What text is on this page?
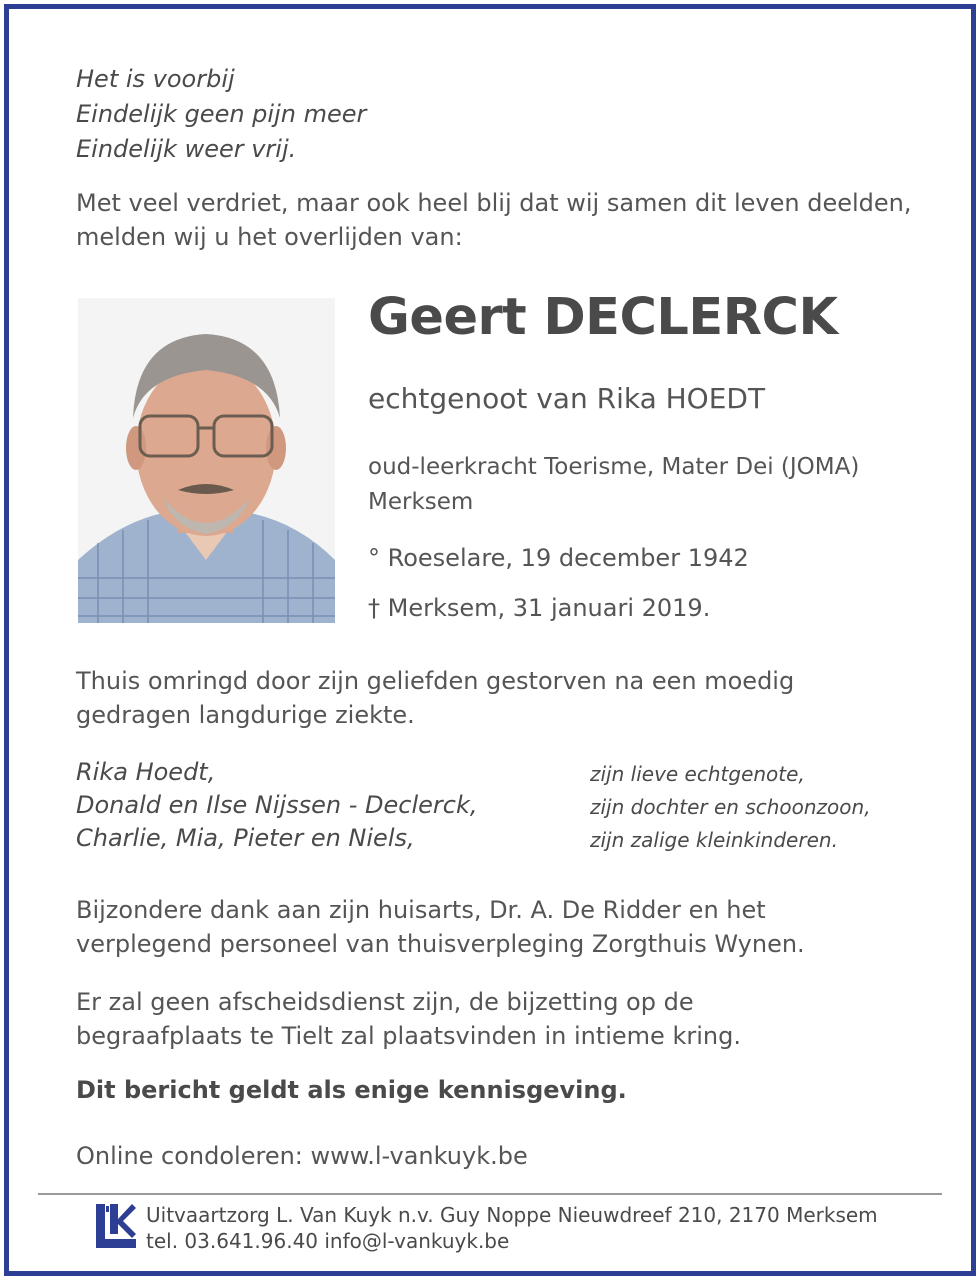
Het is voorbij
Eindelijk geen pijn meer
Eindelijk weer vrij.
Met veel verdriet, maar ook heel blij dat wij samen dit leven deelden,
melden wij u het overlijden van:
Geert DECLERCK
echtgenoot van Rika HOEDT
oud-leerkracht Toerisme, Mater Dei (JOMA)
Merksem
° Roeselare, 19 december 1942
† Merksem, 31 januari 2019.
Thuis omringd door zijn geliefden gestorven na een moedig
gedragen langdurige ziekte.
Rika Hoedt,	zijn lieve echtgenote,
Donald en Ilse Nijssen - Declerck,	zijn dochter en schoonzoon,
Charlie, Mia, Pieter en Niels,	zijn zalige kleinkinderen.
Bijzondere dank aan zijn huisarts, Dr. A. De Ridder en het
verplegend personeel van thuisverpleging Zorgthuis Wynen.
Er zal geen afscheidsdienst zijn, de bijzetting op de
begraafplaats te Tielt zal plaatsvinden in intieme kring.
Dit bericht geldt als enige kennisgeving.
Online condoleren: www.l-vankuyk.be
Uitvaartzorg L. Van Kuyk n.v. Guy Noppe Nieuwdreef 210, 2170 Merksem
tel. 03.641.96.40 info@l-vankuyk.be
